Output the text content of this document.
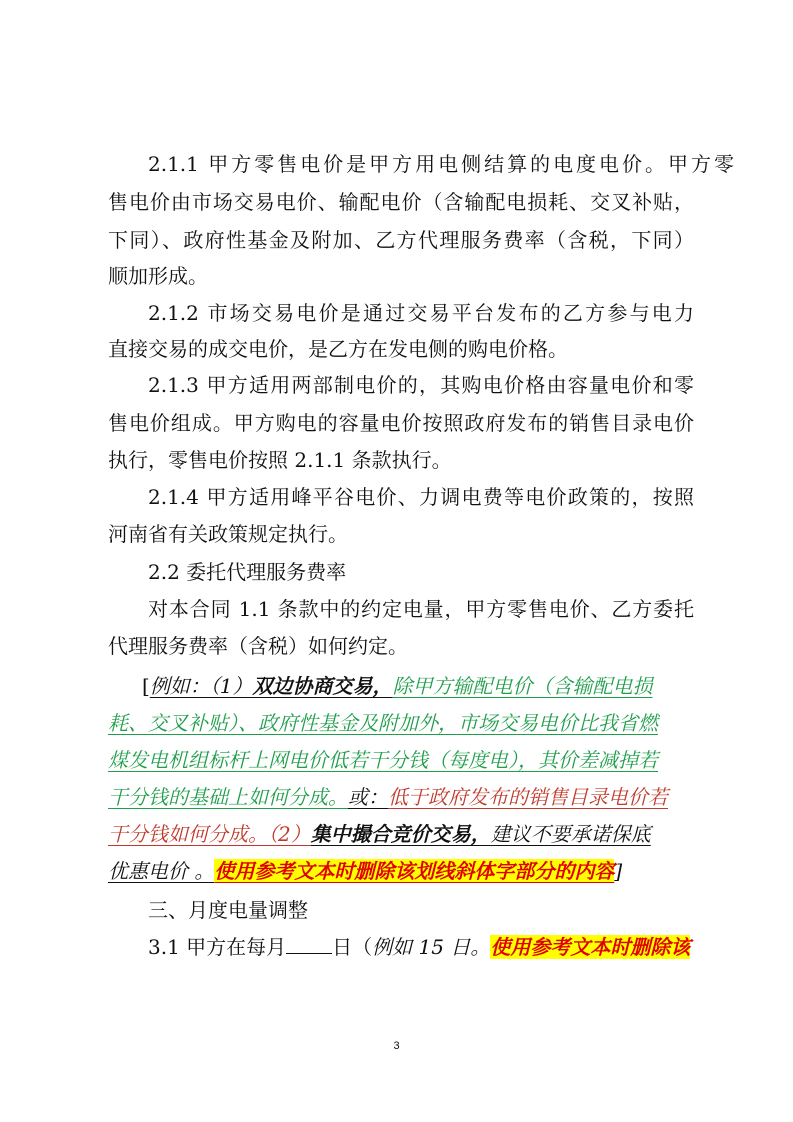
2.1.1 甲方零售电价是甲方用电侧结算的电度电价。甲方零
售电价由市场交易电价、输配电价（含输配电损耗、交叉补贴，
下同）、政府性基金及附加、乙方代理服务费率（含税，下同）
顺加形成。
2.1.2 市场交易电价是通过交易平台发布的乙方参与电力
直接交易的成交电价，是乙方在发电侧的购电价格。
2.1.3 甲方适用两部制电价的，其购电价格由容量电价和零
售电价组成。甲方购电的容量电价按照政府发布的销售目录电价
执行，零售电价按照 2.1.1 条款执行。
2.1.4 甲方适用峰平谷电价、力调电费等电价政策的，按照
河南省有关政策规定执行。
2.2 委托代理服务费率
对本合同 1.1 条款中的约定电量，甲方零售电价、乙方委托
代理服务费率（含税）如何约定。
[例如：（1）双边协商交易，除甲方输配电价（含输配电损
耗、交叉补贴）、政府性基金及附加外，市场交易电价比我省燃
煤发电机组标杆上网电价低若干分钱（每度电），其价差减掉若
干分钱的基础上如何分成。或：低于政府发布的销售目录电价若
干分钱如何分成。（2）集中撮合竞价交易，建议不要承诺保底
优惠电价 。使用参考文本时删除该划线斜体字部分的内容]
三、月度电量调整
3.1 甲方在每月 日（例如 15 日。使用参考文本时删除该
3
